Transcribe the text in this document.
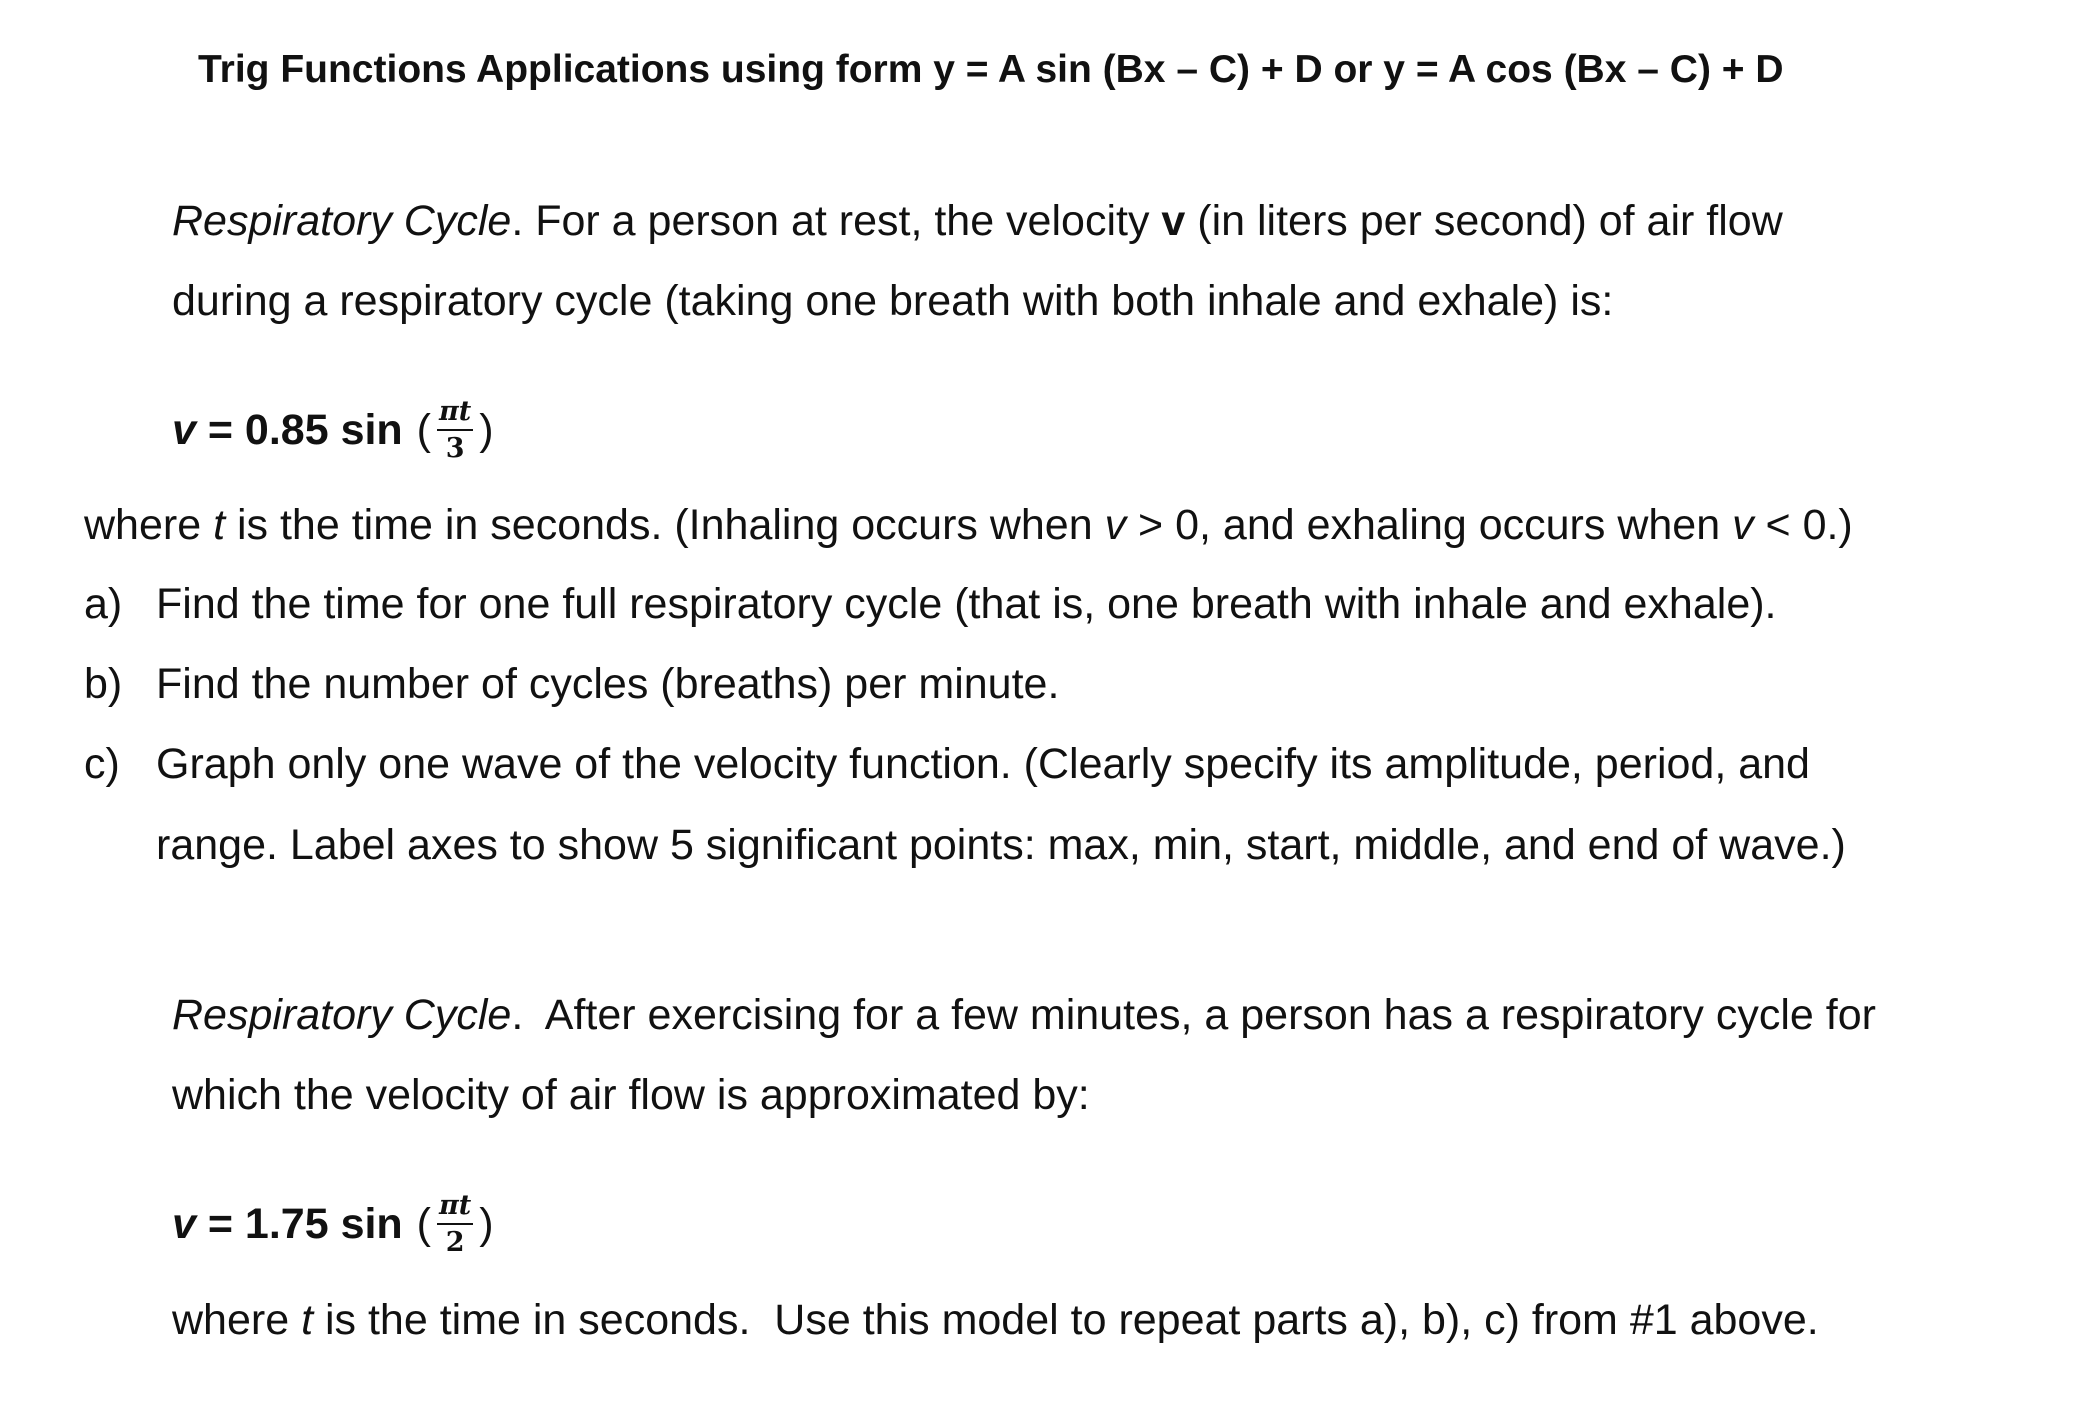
Trig Functions Applications using form y = A sin (Bx – C) + D or y = A cos (Bx – C) + D
Respiratory Cycle. For a person at rest, the velocity v (in liters per second) of air flow
during a respiratory cycle (taking one breath with both inhale and exhale) is:
v = 0.85 sin ( $\frac{\pi t}{3}$ )
where t is the time in seconds. (Inhaling occurs when v > 0, and exhaling occurs when v < 0.)
a) Find the time for one full respiratory cycle (that is, one breath with inhale and exhale).
b) Find the number of cycles (breaths) per minute.
c) Graph only one wave of the velocity function. (Clearly specify its amplitude, period, and
range. Label axes to show 5 significant points: max, min, start, middle, and end of wave.)
Respiratory Cycle.  After exercising for a few minutes, a person has a respiratory cycle for
which the velocity of air flow is approximated by:
v = 1.75 sin ( $\frac{\pi t}{2}$ )
where t is the time in seconds.  Use this model to repeat parts a), b), c) from #1 above.
